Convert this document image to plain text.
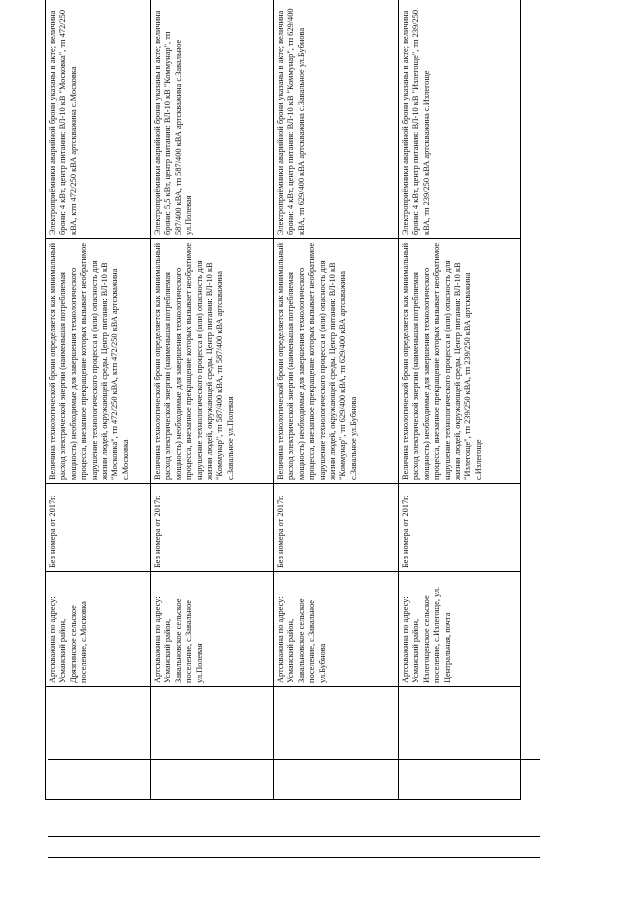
	Артскважина по адресу: Усманский район, Дрязгинское сельское поселение, с.Московка	Без номера от 2017г.	Величина технологической брони определяется как минимальный расход электрической энергии (наименьшая потребляемая мощность) необходимые для завершения технологического процесса, внезапное прекращение которых вызывает необратимое нарушение технологического процесса и (или) опасность для жизни людей, окружающей среды. Центр питания: ВЛ-10 кВ "Московка", тп 472/250 кВА, ктп 472/250 кВА артскважина с.Московка	Электроприёмники аварийной брони указаны в акте; величина брони: 4 кВт, центр питания: ВЛ-10 кВ "Московка", тп 472/250 кВА, ктп 472/250 кВА артскважина с.Московка

	Артскважина по адресу: Усманский район, Завальновское сельское поселение, с.Завальное ул.Полевая	Без номера от 2017г.	Величина технологической брони определяется как минимальный расход электрической энергии (наименьшая потребляемая мощность) необходимые для завершения технологического процесса, внезапное прекращение которых вызывает необратимое нарушение технологического процесса и (или) опасность для жизни людей, окружающей среды. Центр питания: ВЛ-10 кВ "Коммунар", тп 587/400 кВА, тп 587/400 кВА артскважина с.Завальное ул.Полевая	Электроприёмники аварийной брони указаны в акте; величина брони: 5,5 кВт, центр питания: ВЛ-10 кВ "Коммунар", тп 587/400 кВА, тп 587/400 кВА артскважина с.Завальное ул.Полевая

	Артскважина по адресу: Усманский район, Завальновское сельское поселение, с.Завальное ул.Бубнова	Без номера от 2017г.	Величина технологической брони определяется как минимальный расход электрической энергии (наименьшая потребляемая мощность) необходимые для завершения технологического процесса, внезапное прекращение которых вызывает необратимое нарушение технологического процесса и (или) опасность для жизни людей, окружающей среды. Центр питания: ВЛ-10 кВ "Коммунар", тп 629/400 кВА, тп 629/400 кВА артскважина с.Завальное ул.Бубнова	Электроприёмники аварийной брони указаны в акте; величина брони: 4 кВт, центр питания: ВЛ-10 кВ "Коммунар", тп 629/400 кВА, тп 629/400 кВА артскважина с.Завальное ул.Бубнова

	Артскважина по адресу: Усманский район, Излегощенское сельское поселение, с.Излегоще, ул. Центральная, почта	Без номера от 2017г.	Величина технологической брони определяется как минимальный расход электрической энергии (наименьшая потребляемая мощность) необходимые для завершения технологического процесса, внезапное прекращение которых вызывает необратимое нарушение технологического процесса и (или) опасность для жизни людей, окружающей среды. Центр питания: ВЛ-10 кВ "Излегоще", тп 239/250 кВА, тп 239/250 кВА артскважина с.Излегоще	Электроприёмники аварийной брони указаны в акте; величина брони: 4 кВт, центр питания: ВЛ-10 кВ "Излегоще", тп 239/250 кВА, тп 239/250 кВА артскважина с.Излегоще
